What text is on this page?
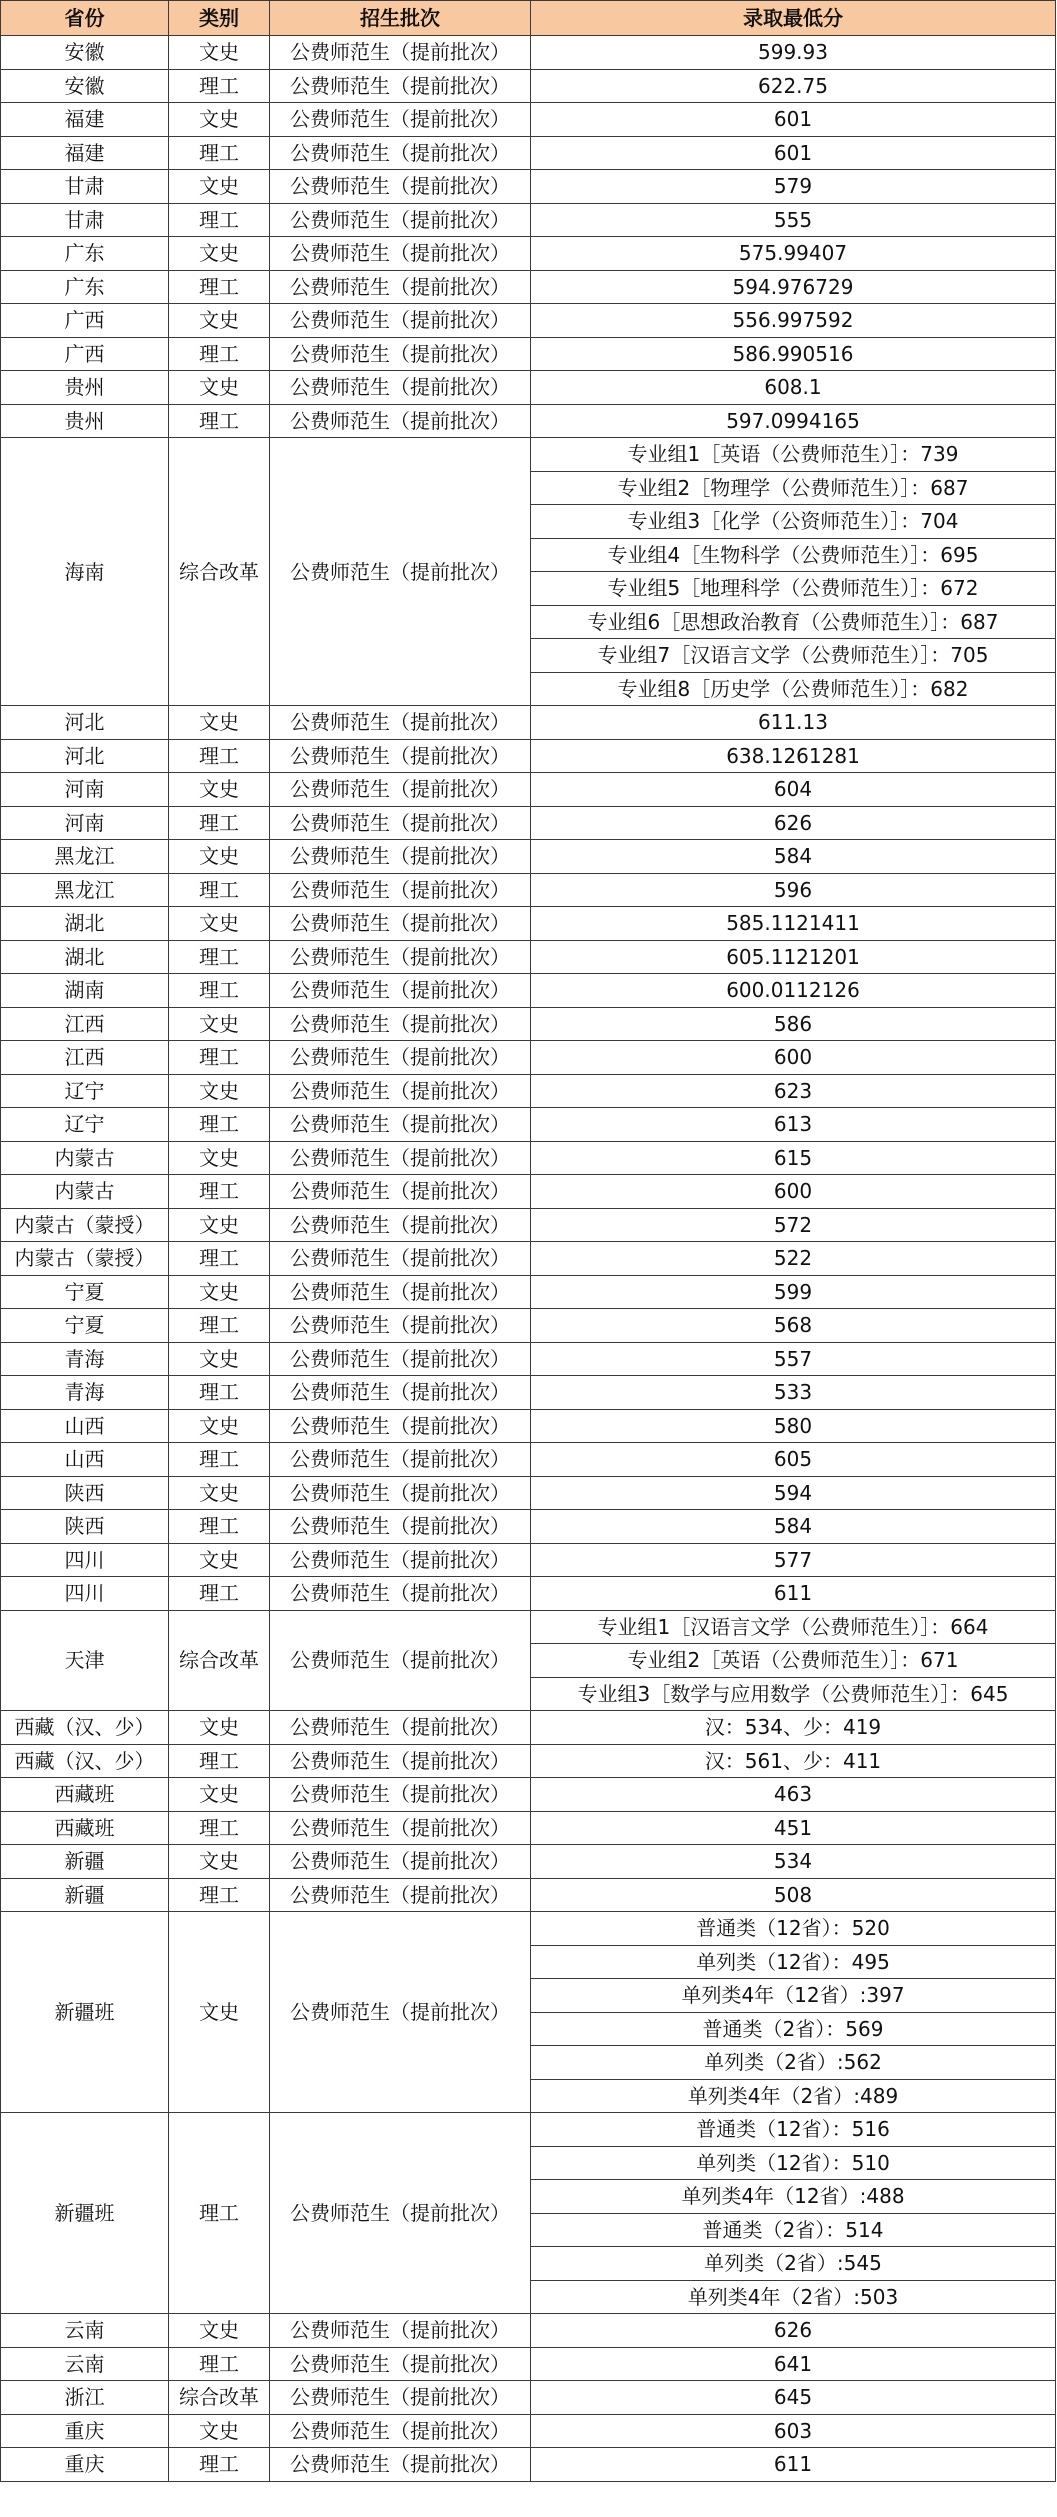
省份	类别	招生批次	录取最低分
安徽	文史	公费师范生（提前批次）	599.93
安徽	理工	公费师范生（提前批次）	622.75
福建	文史	公费师范生（提前批次）	601
福建	理工	公费师范生（提前批次）	601
甘肃	文史	公费师范生（提前批次）	579
甘肃	理工	公费师范生（提前批次）	555
广东	文史	公费师范生（提前批次）	575.99407
广东	理工	公费师范生（提前批次）	594.976729
广西	文史	公费师范生（提前批次）	556.997592
广西	理工	公费师范生（提前批次）	586.990516
贵州	文史	公费师范生（提前批次）	608.1
贵州	理工	公费师范生（提前批次）	597.0994165
海南	综合改革	公费师范生（提前批次）	专业组1［英语（公费师范生）］：739
			专业组2［物理学（公费师范生）］：687
			专业组3［化学（公资师范生）］：704
			专业组4［生物科学（公费师范生）］：695
			专业组5［地理科学（公费师范生）］：672
			专业组6［思想政治教育（公费师范生）］：687
			专业组7［汉语言文学（公费师范生）］：705
			专业组8［历史学（公费师范生）］：682
河北	文史	公费师范生（提前批次）	611.13
河北	理工	公费师范生（提前批次）	638.1261281
河南	文史	公费师范生（提前批次）	604
河南	理工	公费师范生（提前批次）	626
黑龙江	文史	公费师范生（提前批次）	584
黑龙江	理工	公费师范生（提前批次）	596
湖北	文史	公费师范生（提前批次）	585.1121411
湖北	理工	公费师范生（提前批次）	605.1121201
湖南	理工	公费师范生（提前批次）	600.0112126
江西	文史	公费师范生（提前批次）	586
江西	理工	公费师范生（提前批次）	600
辽宁	文史	公费师范生（提前批次）	623
辽宁	理工	公费师范生（提前批次）	613
内蒙古	文史	公费师范生（提前批次）	615
内蒙古	理工	公费师范生（提前批次）	600
内蒙古（蒙授）	文史	公费师范生（提前批次）	572
内蒙古（蒙授）	理工	公费师范生（提前批次）	522
宁夏	文史	公费师范生（提前批次）	599
宁夏	理工	公费师范生（提前批次）	568
青海	文史	公费师范生（提前批次）	557
青海	理工	公费师范生（提前批次）	533
山西	文史	公费师范生（提前批次）	580
山西	理工	公费师范生（提前批次）	605
陕西	文史	公费师范生（提前批次）	594
陕西	理工	公费师范生（提前批次）	584
四川	文史	公费师范生（提前批次）	577
四川	理工	公费师范生（提前批次）	611
天津	综合改革	公费师范生（提前批次）	专业组1［汉语言文学（公费师范生）］：664
			专业组2［英语（公费师范生）］：671
			专业组3［数学与应用数学（公费师范生）］：645
西藏（汉、少）	文史	公费师范生（提前批次）	汉：534、少：419
西藏（汉、少）	理工	公费师范生（提前批次）	汉：561、少：411
西藏班	文史	公费师范生（提前批次）	463
西藏班	理工	公费师范生（提前批次）	451
新疆	文史	公费师范生（提前批次）	534
新疆	理工	公费师范生（提前批次）	508
新疆班	文史	公费师范生（提前批次）	普通类（12省）：520
			单列类（12省）：495
			单列类4年（12省）:397
			普通类（2省）：569
			单列类（2省）:562
			单列类4年（2省）:489
新疆班	理工	公费师范生（提前批次）	普通类（12省）：516
			单列类（12省）：510
			单列类4年（12省）:488
			普通类（2省）：514
			单列类（2省）:545
			单列类4年（2省）:503
云南	文史	公费师范生（提前批次）	626
云南	理工	公费师范生（提前批次）	641
浙江	综合改革	公费师范生（提前批次）	645
重庆	文史	公费师范生（提前批次）	603
重庆	理工	公费师范生（提前批次）	611
